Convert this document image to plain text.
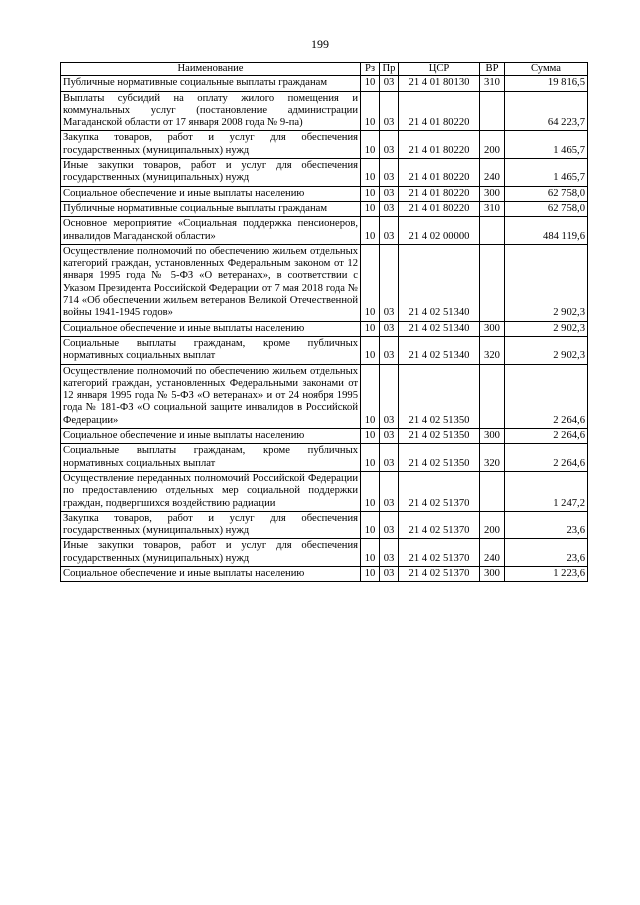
199
Наименование	Рз	Пр	ЦСР	ВР	Сумма
Публичные нормативные социальные выплаты гражданам	10	03	21 4 01 80130	310	19 816,5
Выплаты субсидий на оплату жилого помещения и коммунальных услуг (постановление администрации Магаданской области от 17 января 2008 года № 9-па)	10	03	21 4 01 80220		64 223,7
Закупка товаров, работ и услуг для обеспечения государственных (муниципальных) нужд	10	03	21 4 01 80220	200	1 465,7
Иные закупки товаров, работ и услуг для обеспечения государственных (муниципальных) нужд	10	03	21 4 01 80220	240	1 465,7
Социальное обеспечение и иные выплаты населению	10	03	21 4 01 80220	300	62 758,0
Публичные нормативные социальные выплаты гражданам	10	03	21 4 01 80220	310	62 758,0
Основное мероприятие «Социальная поддержка пенсионеров, инвалидов Магаданской области»	10	03	21 4 02 00000		484 119,6
Осуществление полномочий по обеспечению жильем отдельных категорий граждан, установленных Федеральным законом от 12 января 1995 года № 5-ФЗ «О ветеранах», в соответствии с Указом Президента Российской Федерации от 7 мая 2018 года № 714 «Об обеспечении жильем ветеранов Великой Отечественной войны 1941-1945 годов»	10	03	21 4 02 51340		2 902,3
Социальное обеспечение и иные выплаты населению	10	03	21 4 02 51340	300	2 902,3
Социальные выплаты гражданам, кроме публичных нормативных социальных выплат	10	03	21 4 02 51340	320	2 902,3
Осуществление полномочий по обеспечению жильем отдельных категорий граждан, установленных Федеральными законами от 12 января 1995 года № 5-ФЗ «О ветеранах» и от 24 ноября 1995 года № 181-ФЗ «О социальной защите инвалидов в Российской Федерации»	10	03	21 4 02 51350		2 264,6
Социальное обеспечение и иные выплаты населению	10	03	21 4 02 51350	300	2 264,6
Социальные выплаты гражданам, кроме публичных нормативных социальных выплат	10	03	21 4 02 51350	320	2 264,6
Осуществление переданных полномочий Российской Федерации по предоставлению отдельных мер социальной поддержки граждан, подвергшихся воздействию радиации	10	03	21 4 02 51370		1 247,2
Закупка товаров, работ и услуг для обеспечения государственных (муниципальных) нужд	10	03	21 4 02 51370	200	23,6
Иные закупки товаров, работ и услуг для обеспечения государственных (муниципальных) нужд	10	03	21 4 02 51370	240	23,6
Социальное обеспечение и иные выплаты населению	10	03	21 4 02 51370	300	1 223,6
